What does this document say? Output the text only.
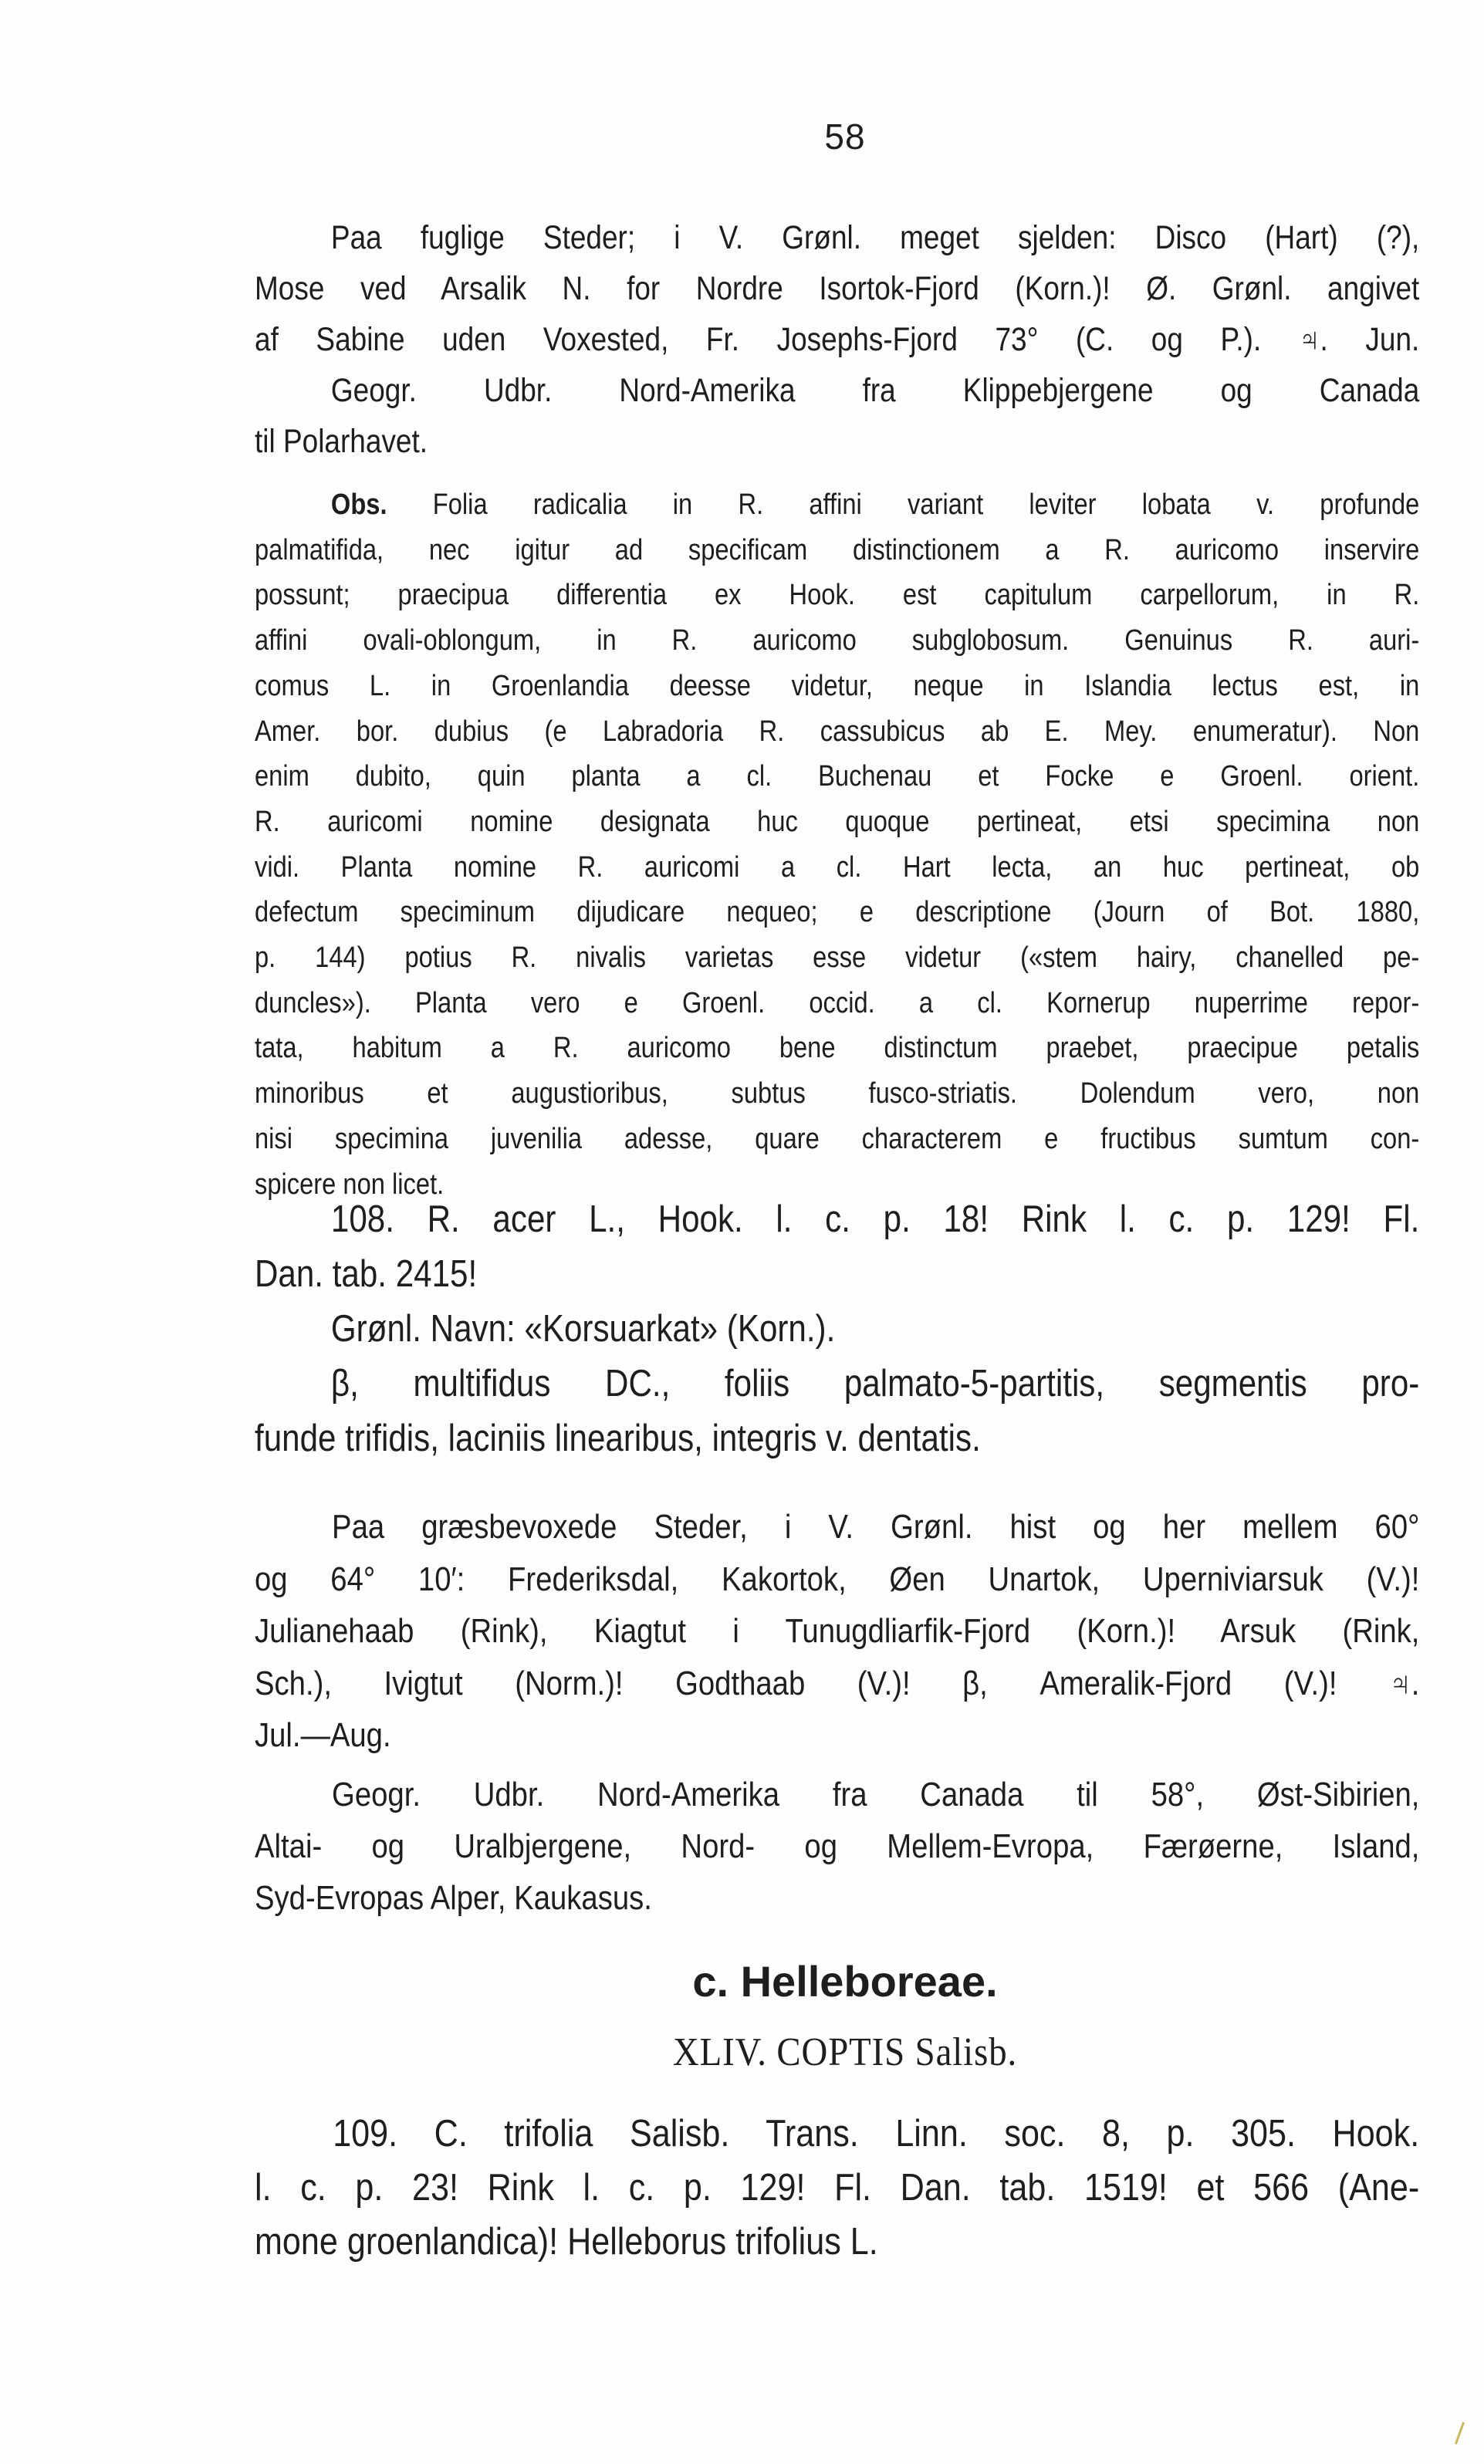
58
Paa fuglige Steder; i V. Grønl. meget sjelden: Disco (Hart) (?),
Mose ved Arsalik N. for Nordre Isortok-Fjord (Korn.)! Ø. Grønl. angivet
af Sabine uden Voxested, Fr. Josephs-Fjord 73° (C. og P.). ♃. Jun.
Geogr. Udbr. Nord-Amerika fra Klippebjergene og Canada
til Polarhavet.
Obs. Folia radicalia in R. affini variant leviter lobata v. profunde
palmatifida, nec igitur ad specificam distinctionem a R. auricomo inservire
possunt; praecipua differentia ex Hook. est capitulum carpellorum, in R.
affini ovali-oblongum, in R. auricomo subglobosum. Genuinus R. auri-
comus L. in Groenlandia deesse videtur, neque in Islandia lectus est, in
Amer. bor. dubius (e Labradoria R. cassubicus ab E. Mey. enumeratur). Non
enim dubito, quin planta a cl. Buchenau et Focke e Groenl. orient.
R. auricomi nomine designata huc quoque pertineat, etsi specimina non
vidi. Planta nomine R. auricomi a cl. Hart lecta, an huc pertineat, ob
defectum speciminum dijudicare nequeo; e descriptione (Journ of Bot. 1880,
p. 144) potius R. nivalis varietas esse videtur («stem hairy, chanelled pe-
duncles»). Planta vero e Groenl. occid. a cl. Kornerup nuperrime repor-
tata, habitum a R. auricomo bene distinctum praebet, praecipue petalis
minoribus et augustioribus, subtus fusco-striatis. Dolendum vero, non
nisi specimina juvenilia adesse, quare characterem e fructibus sumtum con-
spicere non licet.
108. R. acer L., Hook. l. c. p. 18! Rink l. c. p. 129! Fl.
Dan. tab. 2415!
Grønl. Navn: «Korsuarkat» (Korn.).
β, multifidus DC., foliis palmato-5-partitis, segmentis pro-
funde trifidis, laciniis linearibus, integris v. dentatis.
Paa græsbevoxede Steder, i V. Grønl. hist og her mellem 60°
og 64° 10′: Frederiksdal, Kakortok, Øen Unartok, Uperniviarsuk (V.)!
Julianehaab (Rink), Kiagtut i Tunugdliarfik-Fjord (Korn.)! Arsuk (Rink,
Sch.), Ivigtut (Norm.)! Godthaab (V.)! β, Ameralik-Fjord (V.)! ♃.
Jul.—Aug.
Geogr. Udbr. Nord-Amerika fra Canada til 58°, Øst-Sibirien,
Altai- og Uralbjergene, Nord- og Mellem-Evropa, Færøerne, Island,
Syd-Evropas Alper, Kaukasus.
c. Helleboreae.
XLIV. COPTIS Salisb.
109. C. trifolia Salisb. Trans. Linn. soc. 8, p. 305. Hook.
l. c. p. 23! Rink l. c. p. 129! Fl. Dan. tab. 1519! et 566 (Ane-
mone groenlandica)! Helleborus trifolius L.
